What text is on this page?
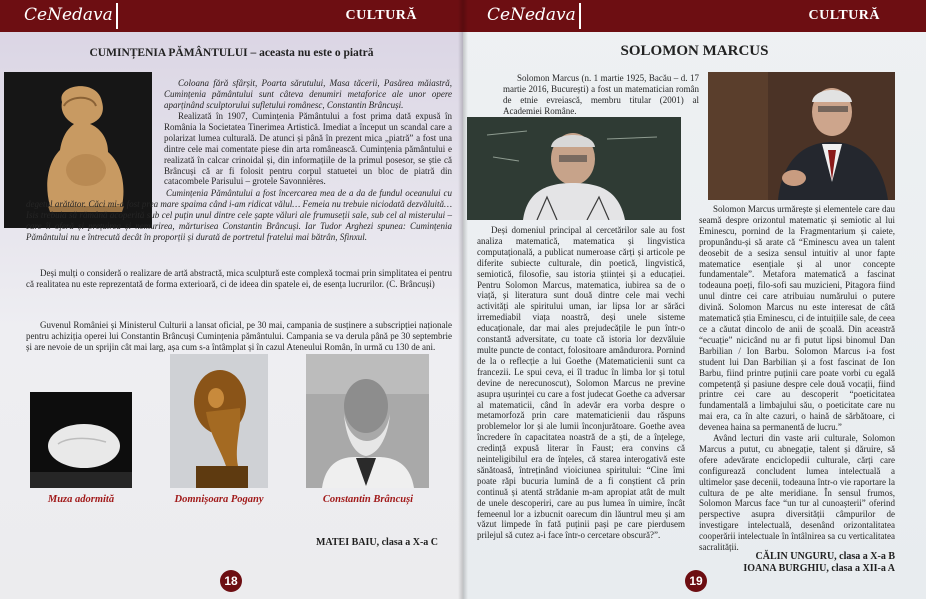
CeNedava	CULTURĂ
CUMINȚENIA PĂMÂNTULUI – aceasta nu este o piatră

Coloana fără sfârșit, Poarta sărutului, Masa tăcerii, Pasărea măiastră, Cumințenia pământului sunt câteva denumiri metaforice ale unor opere aparținând sculptorului sufletului românesc, Constantin Brâncuși.

Realizată în 1907, Cumințenia Pământului a fost prima dată expusă în România la Societatea Tinerimea Artistică. Imediat a început un scandal care a polarizat lumea culturală. De atunci și până în prezent mica „piatră” a fost una dintre cele mai comentate piese din arta românească. Cumințenia pământului e realizată în calcar crinoidal și, din informațiile de la primul posesor, se știe că Brâncuși că ar fi folosit pentru corpul statuetei un bloc de piatră din catacombele Parisului – grotele Savonnières.

Cumințenia Pământului a fost încercarea mea de a da de fundul oceanului cu degetul arătător. Căci mi-a fost prea mare spaima când i-am ridicat vălul… Femeia nu trebuie niciodată dezvăluită… Isis trebuia să rămână acoperită sub cel puțin unul dintre cele șapte văluri ale frumuseții sale, sub cel al misterului – care îi oferă și prețuirea și nemurirea, mărturisea Constantin Brâncuși. Iar Tudor Arghezi spunea: Cumințenia Pământului nu e întrecută decât în proporții și durată de portretul fratelui mai bătrân, Sfinxul.

Deși mulți o consideră o realizare de artă abstractă, mica sculptură este complexă tocmai prin simplitatea ei pentru că realitatea nu este reprezentată de forma exterioară, ci de ideea din spatele ei, de esența lucrurilor. (C. Brâncuși)

Guvenul României și Ministerul Culturii a lansat oficial, pe 30 mai, campania de susținere a subscripției naționale pentru achiziția operei lui Constantin Brâncuși Cumințenia pământului. Campania se va derula până pe 30 septembrie și are nevoie de un sprijin cât mai larg, așa cum s-a întâmplat și în cazul Ateneului Român, în urmă cu 130 de ani.

Muza adormită	Domnișoara Pogany	Constantin Brâncuși
MATEI BAIU, clasa a X-a C
18
CeNedava	CULTURĂ
SOLOMON MARCUS

Solomon Marcus (n. 1 martie 1925, Bacău – d. 17 martie 2016, București) a fost un matematician român de etnie evreiască, membru titular (2001) al Academiei Române.

Deși domeniul principal al cercetărilor sale au fost analiza matematică, matematica și lingvistica computațională, a publicat numeroase cărți și articole pe diferite subiecte culturale, din poetică, lingvistică, semiotică, filosofie, sau istoria științei și a educației. Pentru Solomon Marcus, matematica, iubirea sa de o viață, și literatura sunt două dintre cele mai vechi activități ale spiritului uman, iar lipsa lor ar sărăci irremediabil viața noastră, deși unele sisteme educaționale, dar mai ales prejudecățile le pun într-o constantă adversitate, cu toate că istoria lor dezvăluie multe puncte de contact, folositoare amândurora. Pornind de la o reflecție a lui Goethe (Matematicienii sunt ca francezii. Le spui ceva, ei îl traduc în limba lor și totul devine de nerecunoscut), Solomon Marcus ne previne asupra ușurinței cu care a fost judecat Goethe ca adversar al matematicii, când în adevăr era vorba despre o metamorfoză prin care matematicienii dau răspuns problemelor lor și ale lumii înconjurătoare. Goethe avea încredere în capacitatea noastră de a ști, de a înțelege, credință expusă literar în Faust; era convins că neinteligibilul era de înțeles, că starea interogativă este sănătoasă, întreținând vioiciunea spiritului: “Cine îmi poate răpi bucuria lumină de a fi conștient că prin continuă și atentă strădanie m-am apropiat atât de mult de unele descoperiri, care au pus lumea în uimire, încât femeenul lor a izbucnit oarecum din lăuntrul meu și am văzut limpede în fată puținii pași pe care pierdusem prilejul să cutez a-i face într-o cercetare obscură?”.

Solomon Marcus urmărește și elementele care dau seamă despre orizontul matematic și semiotic al lui Eminescu, pornind de la Fragmentarium și caiete, propunându-și să arate că “Eminescu avea un talent deosebit de a sesiza sensul intuitiv al unor fapte matematice esențiale și al unor concepte fundamentale”. Metafora matematică a fascinat todeauna poeți, filo-sofi sau muzicieni, Pitagora fiind unul dintre cei care atribuiau numărului o putere divină. Solomon Marcus nu este interesat de câtă matematică știa Eminescu, ci de intuițiile sale, de ceea ce a căutat dincolo de anii de școală. Din aceastră “ecuație” nicicând nu ar fi putut lipsi binomul Dan Barbilian / Ion Barbu. Solomon Marcus i-a fost student lui Dan Barbilian și a fost fascinat de Ion Barbu, fiind printre puținii care poate vorbi cu egală competență și pasiune despre cele două vocații, fiind printre cei care au descoperit “poeticitatea fundamentală a limbajului său, o poeticitate care nu mai era, ca în alte cazuri, o haină de sărbătoare, ci devenea haina sa permanentă de lucru.”

Având lecturi din vaste arii culturale, Solomon Marcus a putut, cu abnegație, talent și dăruire, să ofere adevărate enciclopedii culturale, cărți care configurează concludent lumea intelectuală a ultimelor șase decenii, todeauna într-o vie raportare la cultura de pe alte meridiane. În sensul frumos, Solomon Marcus face “un tur al cunoașterii” oferind perspective asupra diversității câmpurilor de investigare intelectuală, desenând orizontalitatea cooperării intelectuale în întâlnirea sa cu verticalitatea sacralității.

CĂLIN UNGURU, clasa a X-a B
IOANA BURGHIU, clasa a XII-a A
19
